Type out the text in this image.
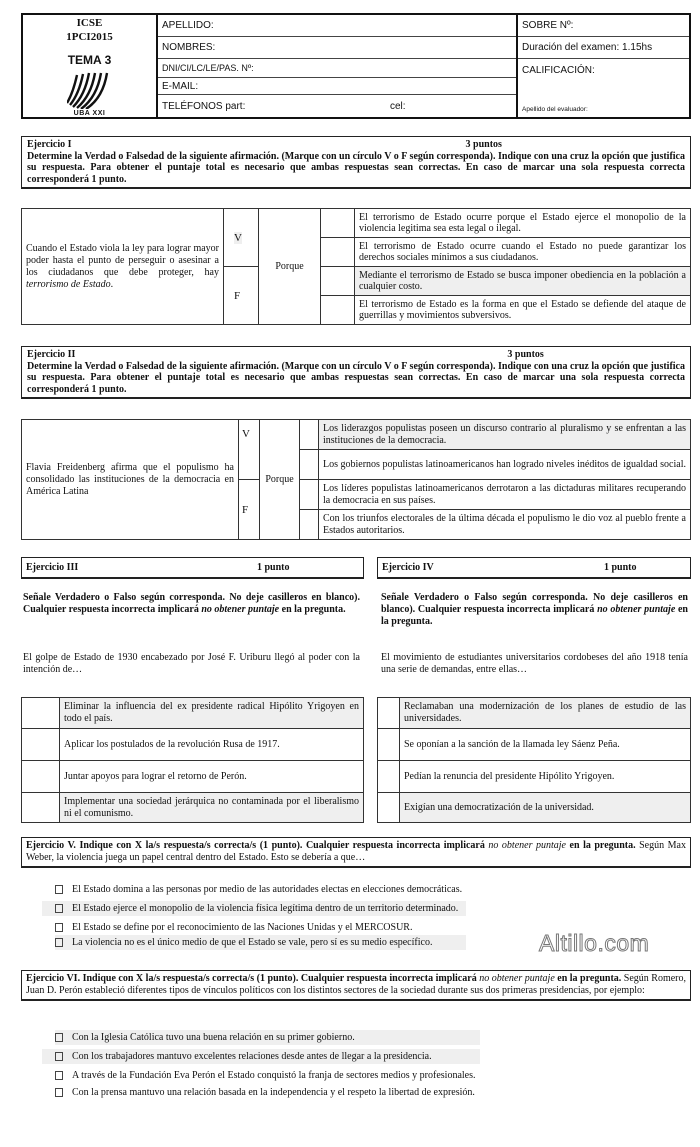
ICSE
1PCI2015
TEMA 3
UBA XXI
APELLIDO:
NOMBRES:
DNI/CI/LC/LE/PAS. Nº:
E-MAIL:
TELÉFONOS part:	cel:
SOBRE Nº:
Duración del examen: 1.15hs
CALIFICACIÓN:
Apellido del evaluador:
Ejercicio I	3 puntos
Determine la Verdad o Falsedad de la siguiente afirmación. (Marque con un círculo V o F según corresponda). Indique con una cruz la opción que justifica su respuesta. Para obtener el puntaje total es necesario que ambas respuestas sean correctas. En caso de marcar una sola respuesta correcta corresponderá 1 punto.
Cuando el Estado viola la ley para lograr mayor poder hasta el punto de perseguir o asesinar a los ciudadanos que debe proteger, hay terrorismo de Estado.	V	Porque		El terrorismo de Estado ocurre porque el Estado ejerce el monopolio de la violencia legitima sea esta legal o ilegal.
				El terrorismo de Estado ocurre cuando el Estado no puede garantizar los derechos sociales mínimos a sus ciudadanos.
	F			Mediante el terrorismo de Estado se busca imponer obediencia en la población a cualquier costo.
				El terrorismo de Estado es la forma en que el Estado se defiende del ataque de guerrillas y movimientos subversivos.
Ejercicio II	3 puntos
Determine la Verdad o Falsedad de la siguiente afirmación. (Marque con un círculo V o F según corresponda). Indique con una cruz la opción que justifica su respuesta. Para obtener el puntaje total es necesario que ambas respuestas sean correctas. En caso de marcar una sola respuesta correcta corresponderá 1 punto.
Flavia Freidenberg afirma que el populismo ha consolidado las instituciones de la democracia en América Latina	V	Porque		Los liderazgos populistas poseen un discurso contrario al pluralismo y se enfrentan a las instituciones de la democracia.
				Los gobiernos populistas latinoamericanos han logrado niveles inéditos de igualdad social.
	F			Los líderes populistas latinoamericanos derrotaron a las dictaduras militares recuperando la democracia en sus países.
				Con los triunfos electorales de la última década el populismo le dio voz al pueblo frente a Estados autoritarios.
Ejercicio III	1 punto
Señale Verdadero o Falso según corresponda. No deje casilleros en blanco). Cualquier respuesta incorrecta implicará no obtener puntaje en la pregunta.
El golpe de Estado de 1930 encabezado por José F. Uriburu llegó al poder con la intención de…
	Eliminar la influencia del ex presidente radical Hipólito Yrigoyen en todo el país.
	Aplicar los postulados de la revolución Rusa de 1917.
	Juntar apoyos para lograr el retorno de Perón.
	Implementar una sociedad jerárquica no contaminada por el liberalismo ni el comunismo.
Ejercicio IV	1 punto
Señale Verdadero o Falso según corresponda. No deje casilleros en blanco). Cualquier respuesta incorrecta implicará no obtener puntaje en la pregunta.
El movimiento de estudiantes universitarios cordobeses del año 1918 tenía una serie de demandas, entre ellas…
	Reclamaban una modernización de los planes de estudio de las universidades.
	Se oponían a la sanción de la llamada ley Sáenz Peña.
	Pedían la renuncia del presidente Hipólito Yrigoyen.
	Exigían una democratización de la universidad.
Ejercicio V. Indique con X la/s respuesta/s correcta/s (1 punto). Cualquier respuesta incorrecta implicará no obtener puntaje en la pregunta. Según Max Weber, la violencia juega un papel central dentro del Estado. Esto se debería a que…
El Estado domina a las personas por medio de las autoridades electas en elecciones democráticas.
El Estado ejerce el monopolio de la violencia física legítima dentro de un territorio determinado.
El Estado se define por el reconocimiento de las Naciones Unidas y el MERCOSUR.
La violencia no es el único medio de que el Estado se vale, pero sí es su medio específico.	Altillo.com
Ejercicio VI. Indique con X la/s respuesta/s correcta/s (1 punto). Cualquier respuesta incorrecta implicará no obtener puntaje en la pregunta. Según Romero, Juan D. Perón estableció diferentes tipos de vínculos políticos con los distintos sectores de la sociedad durante sus dos primeras presidencias, por ejemplo:
Con la Iglesia Católica tuvo una buena relación en su primer gobierno.
Con los trabajadores mantuvo excelentes relaciones desde antes de llegar a la presidencia.
A través de la Fundación Eva Perón el Estado conquistó la franja de sectores medios y profesionales.
Con la prensa mantuvo una relación basada en la independencia y el respeto la libertad de expresión.
